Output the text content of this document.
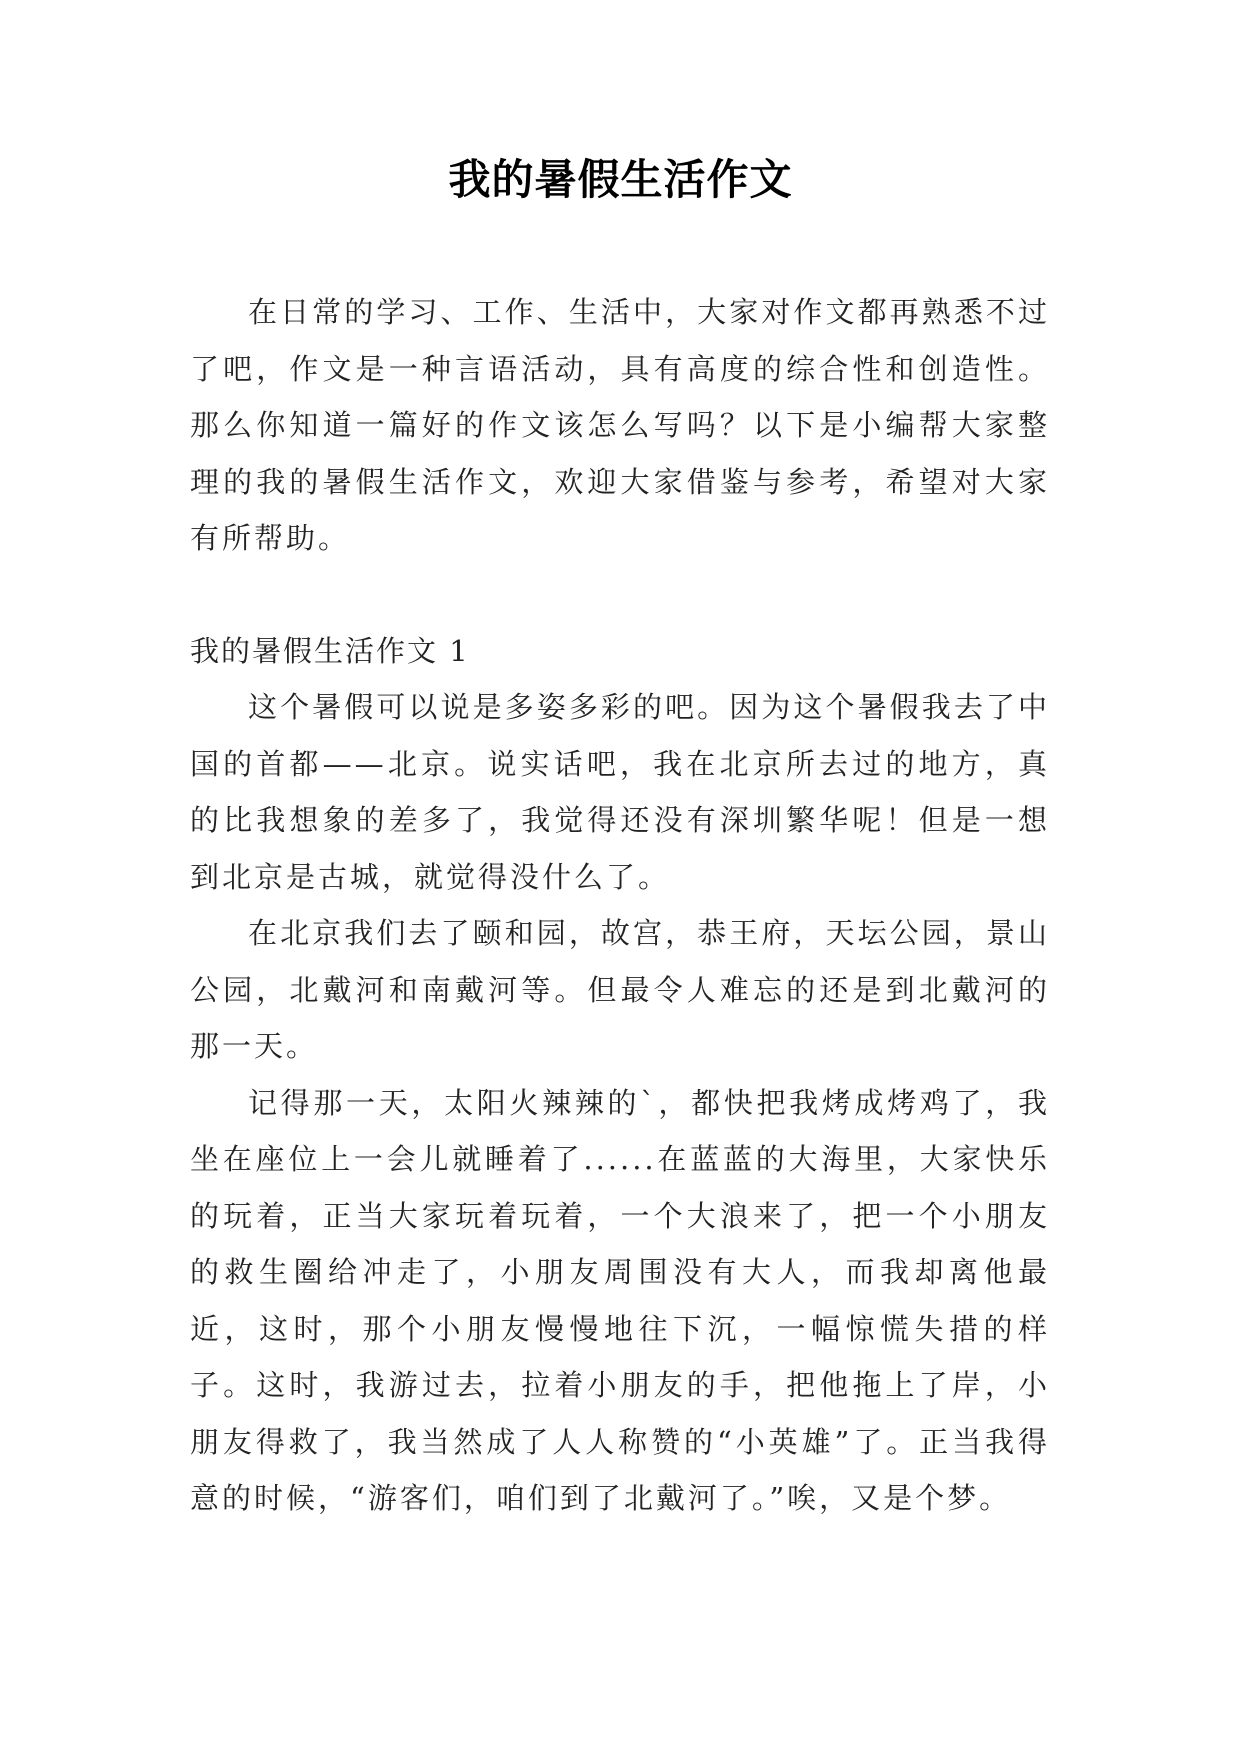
我的暑假生活作文

在日常的学习、工作、生活中，大家对作文都再熟悉不过了吧，作文是一种言语活动，具有高度的综合性和创造性。那么你知道一篇好的作文该怎么写吗？以下是小编帮大家整理的我的暑假生活作文，欢迎大家借鉴与参考，希望对大家有所帮助。

我的暑假生活作文 1

这个暑假可以说是多姿多彩的吧。因为这个暑假我去了中国的首都——北京。说实话吧，我在北京所去过的地方，真的比我想象的差多了，我觉得还没有深圳繁华呢！但是一想到北京是古城，就觉得没什么了。

在北京我们去了颐和园，故宫，恭王府，天坛公园，景山公园，北戴河和南戴河等。但最令人难忘的还是到北戴河的那一天。

记得那一天，太阳火辣辣的`，都快把我烤成烤鸡了，我坐在座位上一会儿就睡着了......在蓝蓝的大海里，大家快乐的玩着，正当大家玩着玩着，一个大浪来了，把一个小朋友的救生圈给冲走了，小朋友周围没有大人，而我却离他最近，这时，那个小朋友慢慢地往下沉，一幅惊慌失措的样子。这时，我游过去，拉着小朋友的手，把他拖上了岸，小朋友得救了，我当然成了人人称赞的“小英雄”了。正当我得意的时候，“游客们，咱们到了北戴河了。”唉，又是个梦。
